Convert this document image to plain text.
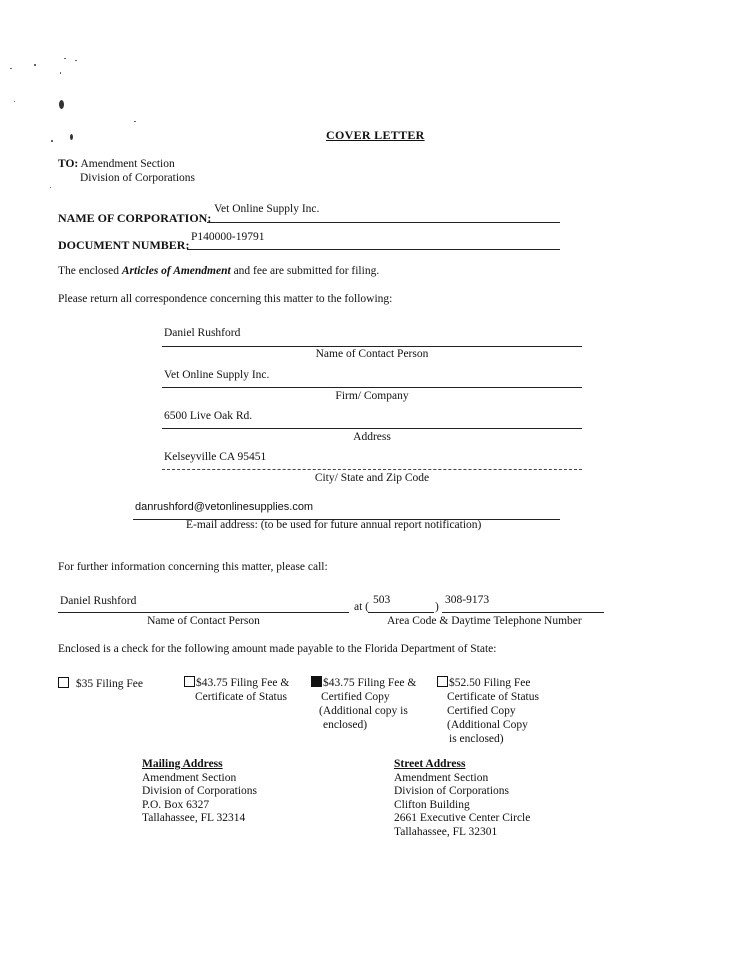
COVER LETTER
TO: Amendment Section
Division of Corporations
NAME OF CORPORATION:
Vet Online Supply Inc.
DOCUMENT NUMBER:
P140000-19791
The enclosed Articles of Amendment and fee are submitted for filing.
Please return all correspondence concerning this matter to the following:
Daniel Rushford
Name of Contact Person
Vet Online Supply Inc.
Firm/ Company
6500 Live Oak Rd.
Address
Kelseyville CA 95451
City/ State and Zip Code
danrushford@vetonlinesupplies.com
E-mail address: (to be used for future annual report notification)
For further information concerning this matter, please call:
Daniel Rushford
Name of Contact Person
at (
503
)
308-9173
Area Code & Daytime Telephone Number
Enclosed is a check for the following amount made payable to the Florida Department of State:
$35 Filing Fee	$43.75 Filing Fee &
Certificate of Status
$43.75 Filing Fee &
Certified Copy
(Additional copy is
enclosed)
$52.50 Filing Fee
Certificate of Status
Certified Copy
(Additional Copy
is enclosed)
Mailing Address
Amendment Section
Division of Corporations
P.O. Box 6327
Tallahassee, FL 32314
Street Address
Amendment Section
Division of Corporations
Clifton Building
2661 Executive Center Circle
Tallahassee, FL 32301
